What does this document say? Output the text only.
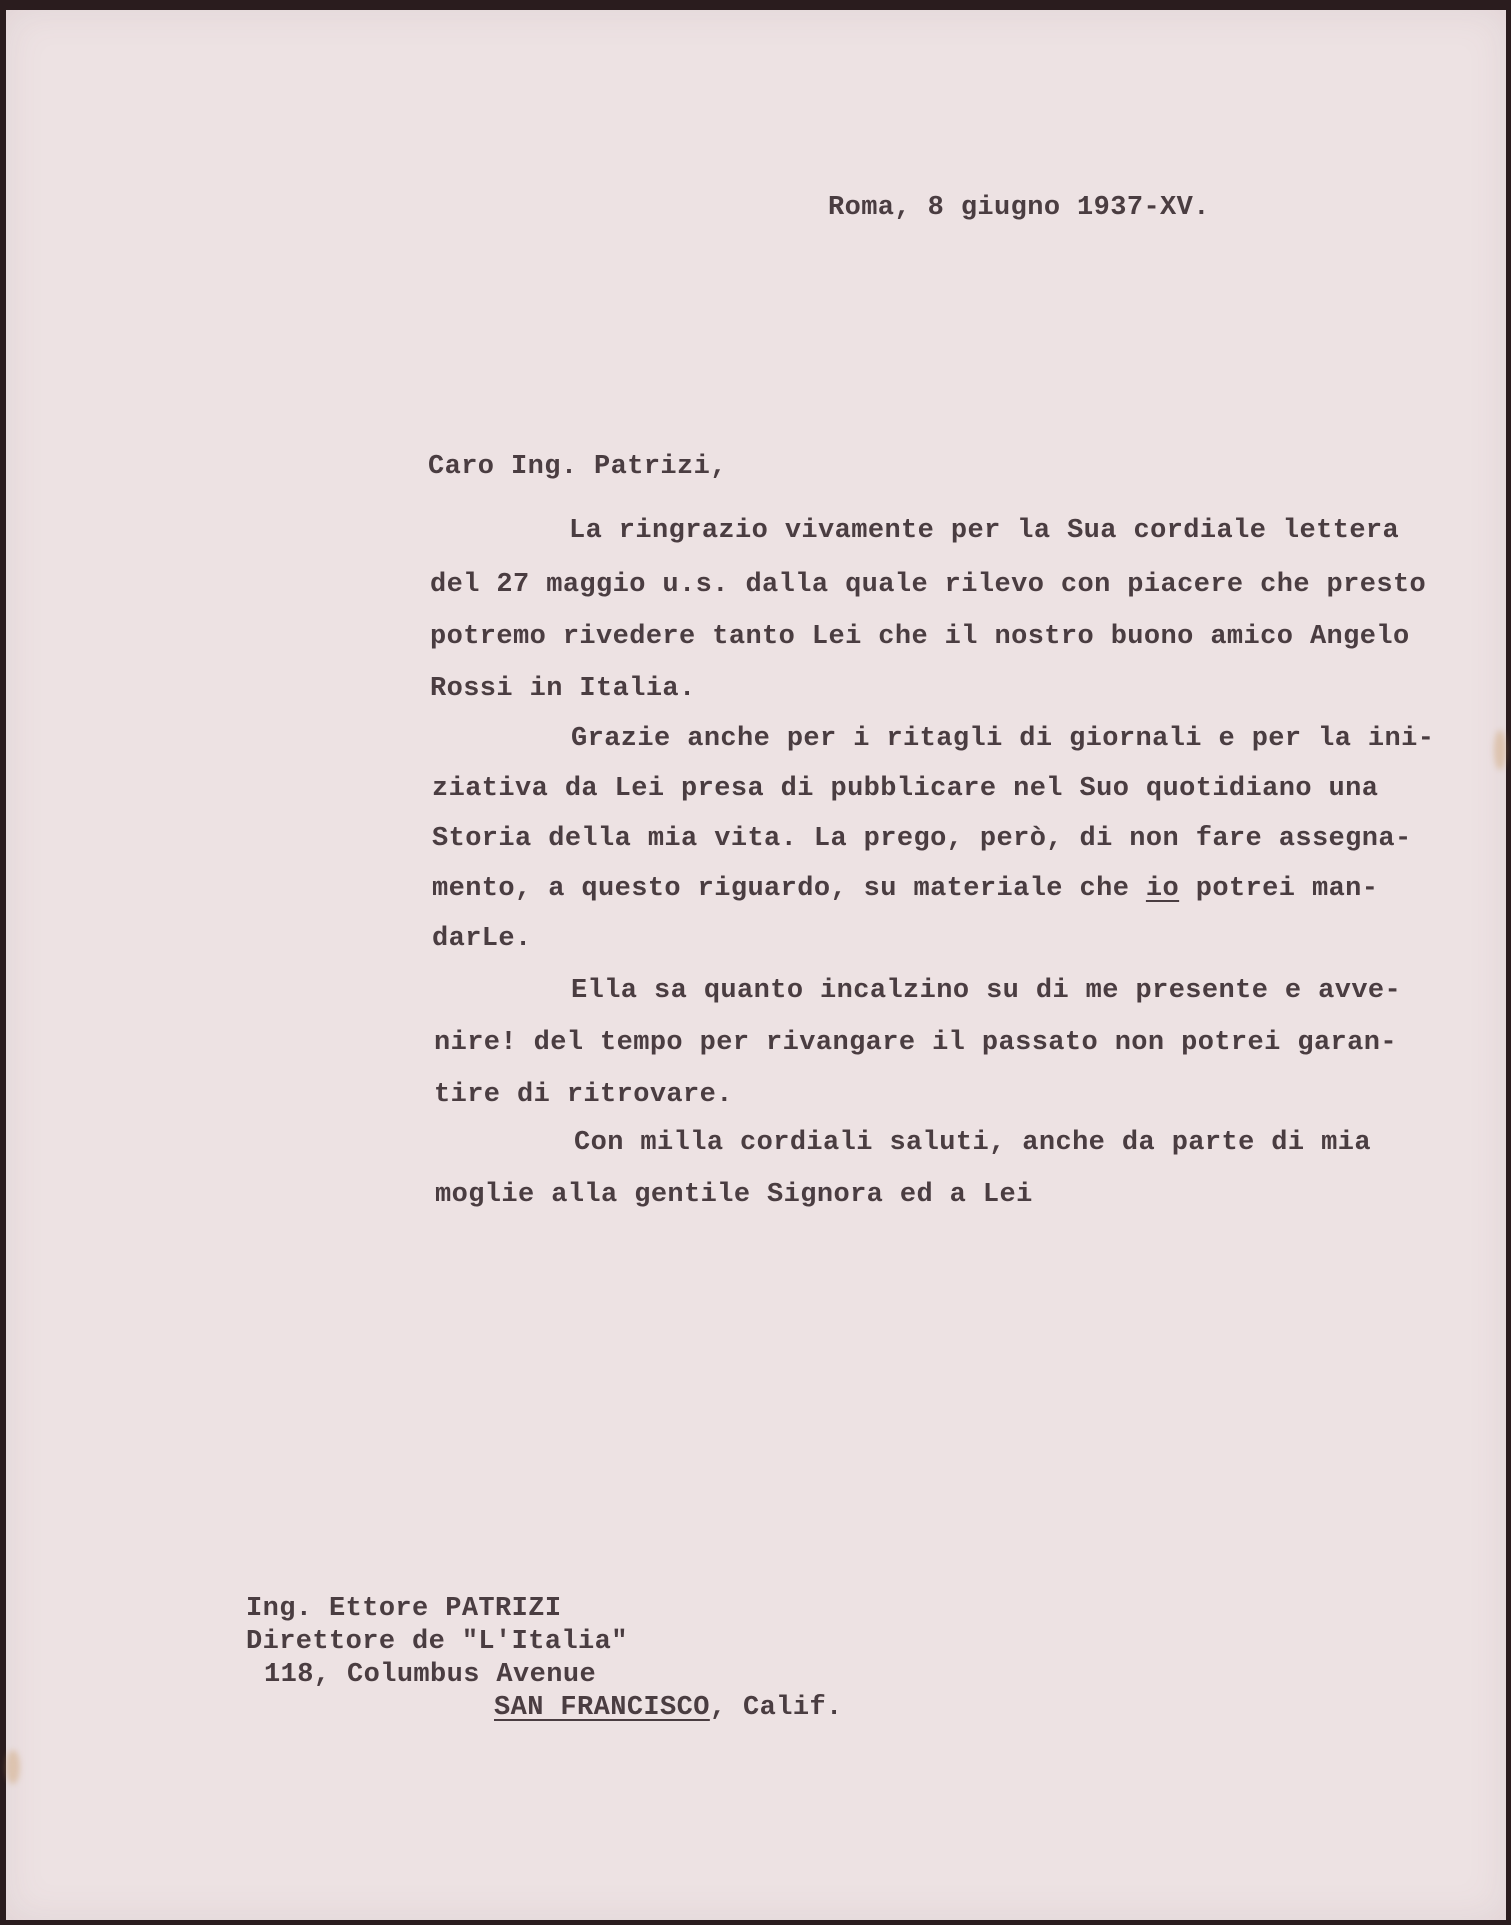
Roma, 8 giugno 1937-XV.
Caro Ing. Patrizi,
La ringrazio vivamente per la Sua cordiale lettera
del 27 maggio u.s. dalla quale rilevo con piacere che presto
potremo rivedere tanto Lei che il nostro buono amico Angelo
Rossi in Italia.
Grazie anche per i ritagli di giornali e per la ini-
ziativa da Lei presa di pubblicare nel Suo quotidiano una
Storia della mia vita. La prego, però, di non fare assegna-
mento, a questo riguardo, su materiale che io potrei man-
darLe.
Ella sa quanto incalzino su di me presente e avve-
nire! del tempo per rivangare il passato non potrei garan-
tire di ritrovare.
Con milla cordiali saluti, anche da parte di mia
moglie alla gentile Signora ed a Lei
Ing. Ettore PATRIZI
Direttore de "L'Italia"
118, Columbus Avenue
SAN FRANCISCO, Calif.
